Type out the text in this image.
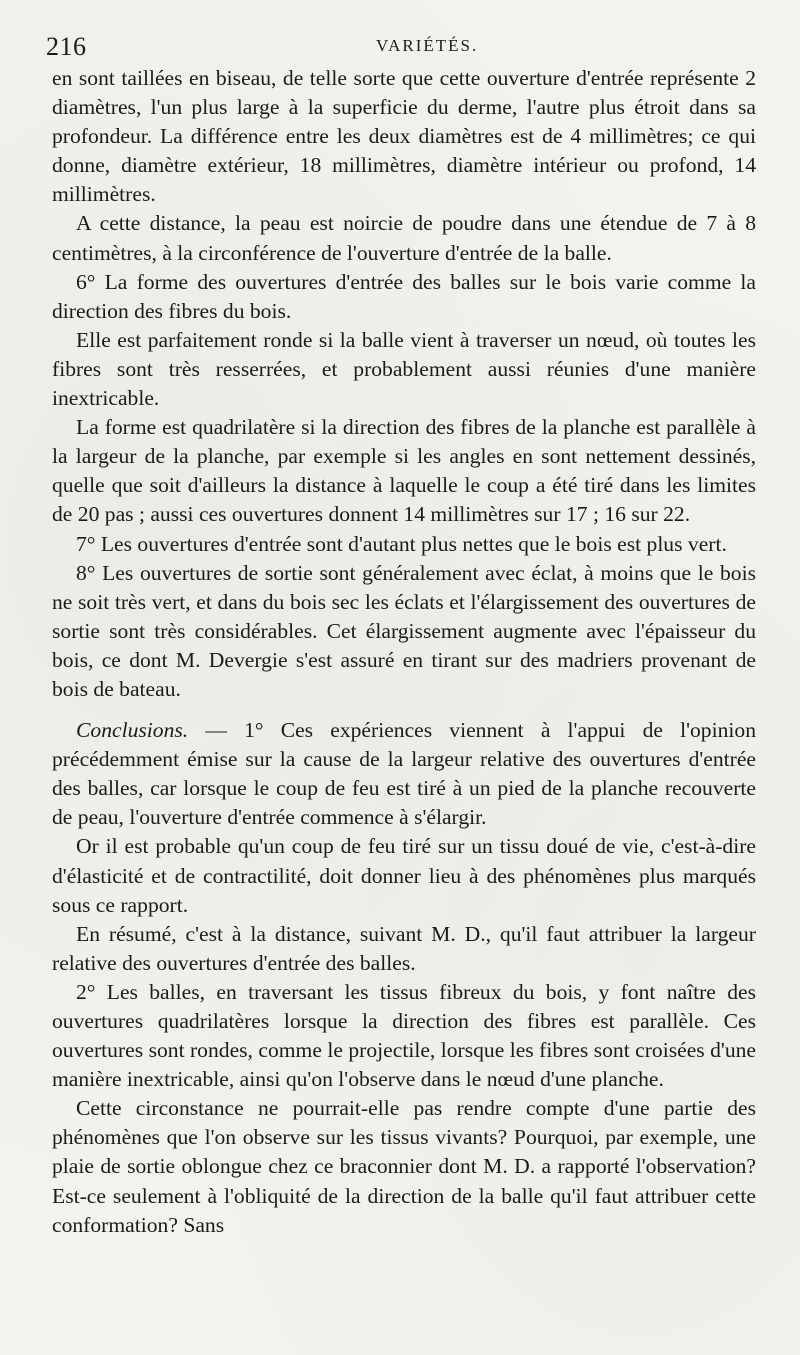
216	VARIÉTÉS.

en sont taillées en biseau, de telle sorte que cette ouverture d'entrée représente 2 diamètres, l'un plus large à la superficie du derme, l'autre plus étroit dans sa profondeur. La différence entre les deux diamètres est de 4 millimètres; ce qui donne, diamètre extérieur, 18 millimètres, diamètre intérieur ou profond, 14 millimètres.

A cette distance, la peau est noircie de poudre dans une étendue de 7 à 8 centimètres, à la circonférence de l'ouverture d'entrée de la balle.

6° La forme des ouvertures d'entrée des balles sur le bois varie comme la direction des fibres du bois.

Elle est parfaitement ronde si la balle vient à traverser un nœud, où toutes les fibres sont très resserrées, et probablement aussi réunies d'une manière inextricable.

La forme est quadrilatère si la direction des fibres de la planche est parallèle à la largeur de la planche, par exemple si les angles en sont nettement dessinés, quelle que soit d'ailleurs la distance à laquelle le coup a été tiré dans les limites de 20 pas ; aussi ces ouvertures donnent 14 millimètres sur 17 ; 16 sur 22.

7° Les ouvertures d'entrée sont d'autant plus nettes que le bois est plus vert.

8° Les ouvertures de sortie sont généralement avec éclat, à moins que le bois ne soit très vert, et dans du bois sec les éclats et l'élargissement des ouvertures de sortie sont très considérables. Cet élargissement augmente avec l'épaisseur du bois, ce dont M. Devergie s'est assuré en tirant sur des madriers provenant de bois de bateau.

Conclusions. — 1° Ces expériences viennent à l'appui de l'opinion précédemment émise sur la cause de la largeur relative des ouvertures d'entrée des balles, car lorsque le coup de feu est tiré à un pied de la planche recouverte de peau, l'ouverture d'entrée commence à s'élargir.

Or il est probable qu'un coup de feu tiré sur un tissu doué de vie, c'est-à-dire d'élasticité et de contractilité, doit donner lieu à des phénomènes plus marqués sous ce rapport.

En résumé, c'est à la distance, suivant M. D., qu'il faut attribuer la largeur relative des ouvertures d'entrée des balles.

2° Les balles, en traversant les tissus fibreux du bois, y font naître des ouvertures quadrilatères lorsque la direction des fibres est parallèle. Ces ouvertures sont rondes, comme le projectile, lorsque les fibres sont croisées d'une manière inextricable, ainsi qu'on l'observe dans le nœud d'une planche.

Cette circonstance ne pourrait-elle pas rendre compte d'une partie des phénomènes que l'on observe sur les tissus vivants? Pourquoi, par exemple, une plaie de sortie oblongue chez ce braconnier dont M. D. a rapporté l'observation? Est-ce seulement à l'obliquité de la direction de la balle qu'il faut attribuer cette conformation? Sans
